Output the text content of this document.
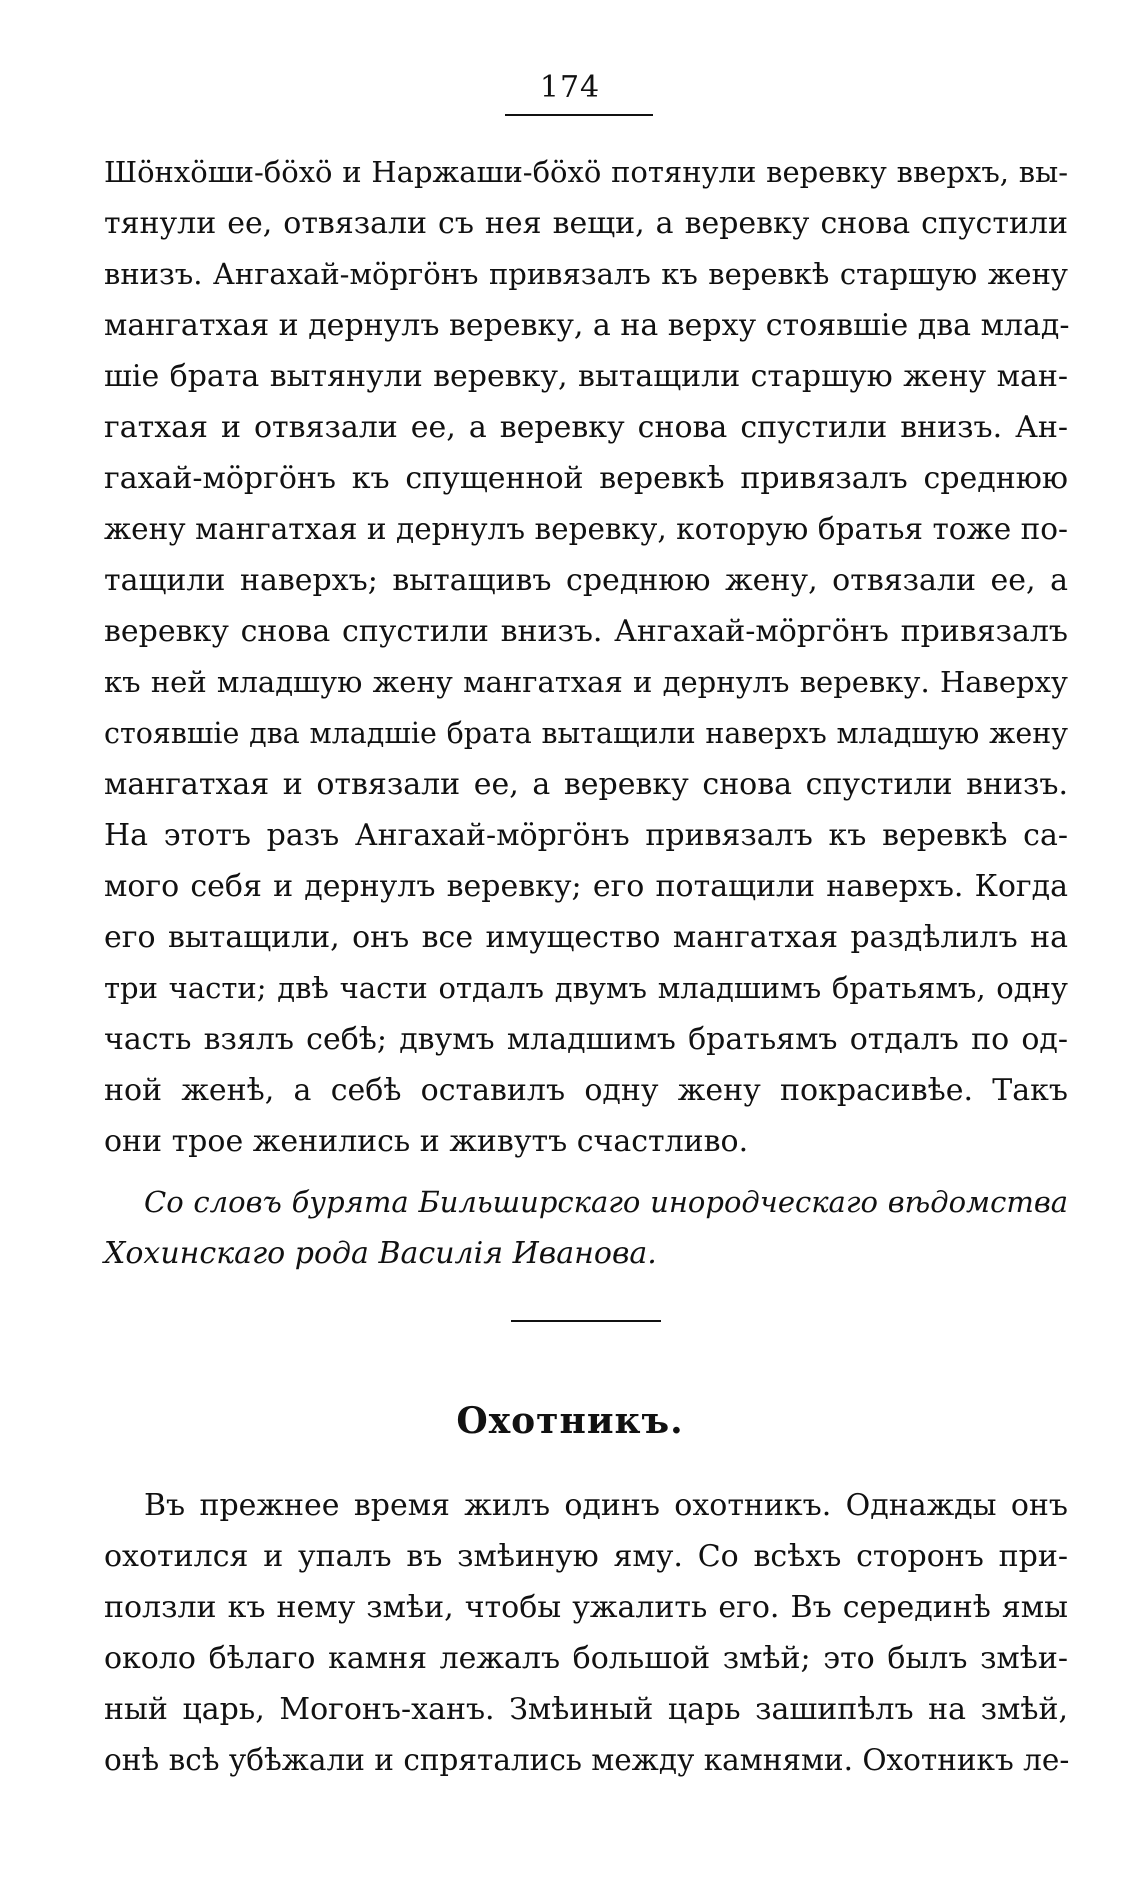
174
Шöнхöши-бöхö и Наржаши-бöхö потянули веревку вверхъ, вы-
тянули ее, отвязали съ нея вещи, а веревку снова спустили
внизъ. Ангахай-мöргöнъ привязалъ къ веревкѣ старшую жену
мангатхая и дернулъ веревку, а на верху стоявшіе два млад-
шіе брата вытянули веревку, вытащили старшую жену ман-
гатхая и отвязали ее, а веревку снова спустили внизъ. Ан-
гахай-мöргöнъ къ спущенной веревкѣ привязалъ среднюю
жену мангатхая и дернулъ веревку, которую братья тоже по-
тащили наверхъ; вытащивъ среднюю жену, отвязали ее, а
веревку снова спустили внизъ. Ангахай-мöргöнъ привязалъ
къ ней младшую жену мангатхая и дернулъ веревку. Наверху
стоявшіе два младшіе брата вытащили наверхъ младшую жену
мангатхая и отвязали ее, а веревку снова спустили внизъ.
На этотъ разъ Ангахай-мöргöнъ привязалъ къ веревкѣ са-
мого себя и дернулъ веревку; его потащили наверхъ. Когда
его вытащили, онъ все имущество мангатхая раздѣлилъ на
три части; двѣ части отдалъ двумъ младшимъ братьямъ, одну
часть взялъ себѣ; двумъ младшимъ братьямъ отдалъ по од-
ной женѣ, а себѣ оставилъ одну жену покрасивѣе. Такъ
они трое женились и живутъ счастливо.
Со словъ бурята Бильширскаго инородческаго вѣдомства
Хохинскаго рода Василія Иванова.
Охотникъ.
Въ прежнее время жилъ одинъ охотникъ. Однажды онъ
охотился и упалъ въ змѣиную яму. Со всѣхъ сторонъ при-
ползли къ нему змѣи, чтобы ужалить его. Въ серединѣ ямы
около бѣлаго камня лежалъ большой змѣй; это былъ змѣи-
ный царь, Могонъ-ханъ. Змѣиный царь зашипѣлъ на змѣй,
онѣ всѣ убѣжали и спрятались между камнями. Охотникъ ле-
